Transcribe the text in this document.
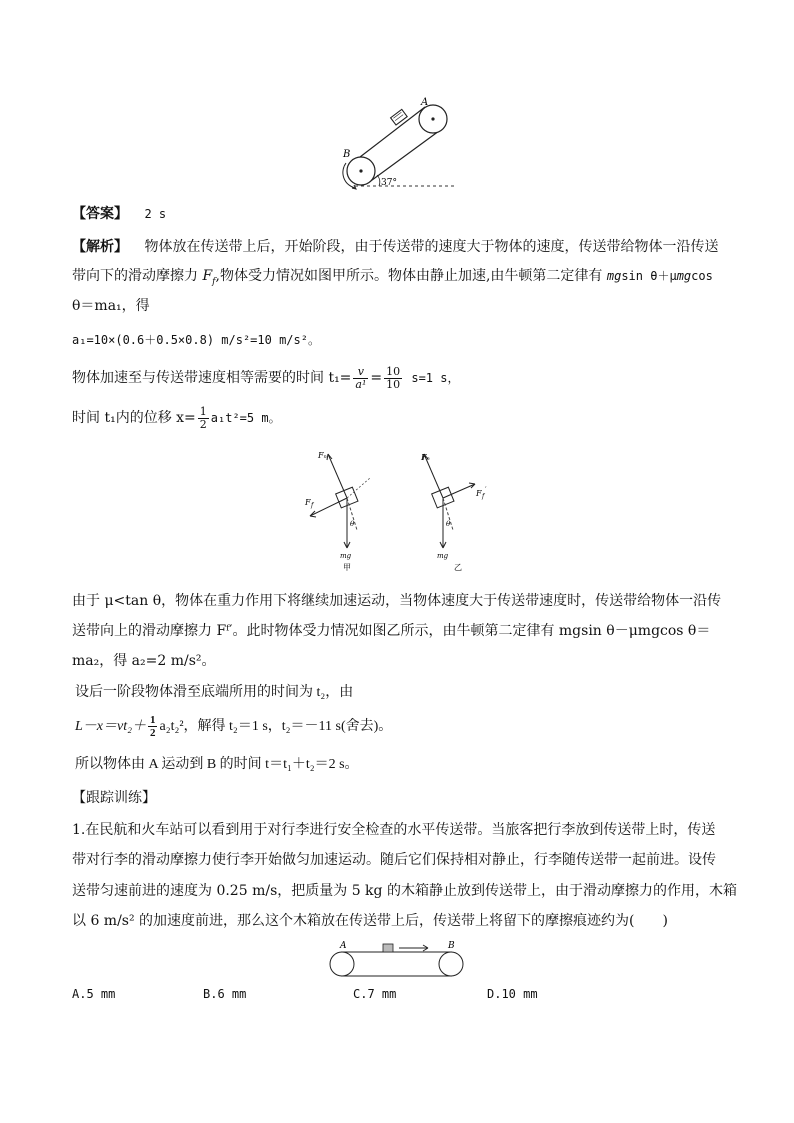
A
B
37°
【答案】 2 s
【解析】 物体放在传送带上后，开始阶段，由于传送带的速度大于物体的速度，传送带给物体一沿传送
带向下的滑动摩擦力 $F_f$,物体受力情况如图甲所示。物体由静止加速,由牛顿第二定律有 mgsin θ＋μmgcos
θ＝ma₁，得
a₁=10×(0.6＋0.5×0.8) m/s²=10 m/s²。
物体加速至与传送带速度相等需要的时间 $t_1= \frac{v}{\text{a¹}} = \frac{10}{10} s=1$ s，
时间 t₁内的位移 $x= \frac{1}{2} a_1t^2=5$ m。
Fₙ
F f
θ
mg
甲
Fₙ
F f
′
θ
mg
乙
由于 μ<tan θ，物体在重力作用下将继续加速运动，当物体速度大于传送带速度时，传送带给物体一沿传
送带向上的滑动摩擦力 Fᶠ′。此时物体受力情况如图乙所示，由牛顿第二定律有 mgsin θ－μmgcos θ＝
ma₂，得 a₂=2 m/s²。
设后一阶段物体滑至底端所用的时间为 t₂，由
$L-x=vt_2+ \frac{1}{2} a_2t_2^2$，解得 t₂＝1 s，t₂＝－11 s(舍去)。
所以物体由 A 运动到 B 的时间 t＝t₁＋t₂＝2 s。
【跟踪训练】
1.在民航和火车站可以看到用于对行李进行安全检查的水平传送带。当旅客把行李放到传送带上时，传送
带对行李的滑动摩擦力使行李开始做匀加速运动。随后它们保持相对静止，行李随传送带一起前进。设传
送带匀速前进的速度为 0.25 m/s，把质量为 5 kg 的木箱静止放到传送带上，由于滑动摩擦力的作用，木箱
以 6 m/s² 的加速度前进，那么这个木箱放在传送带上后，传送带上将留下的摩擦痕迹约为(　　)
A	B
A.5 mm	B.6 mm	C.7 mm	D.10 mm
